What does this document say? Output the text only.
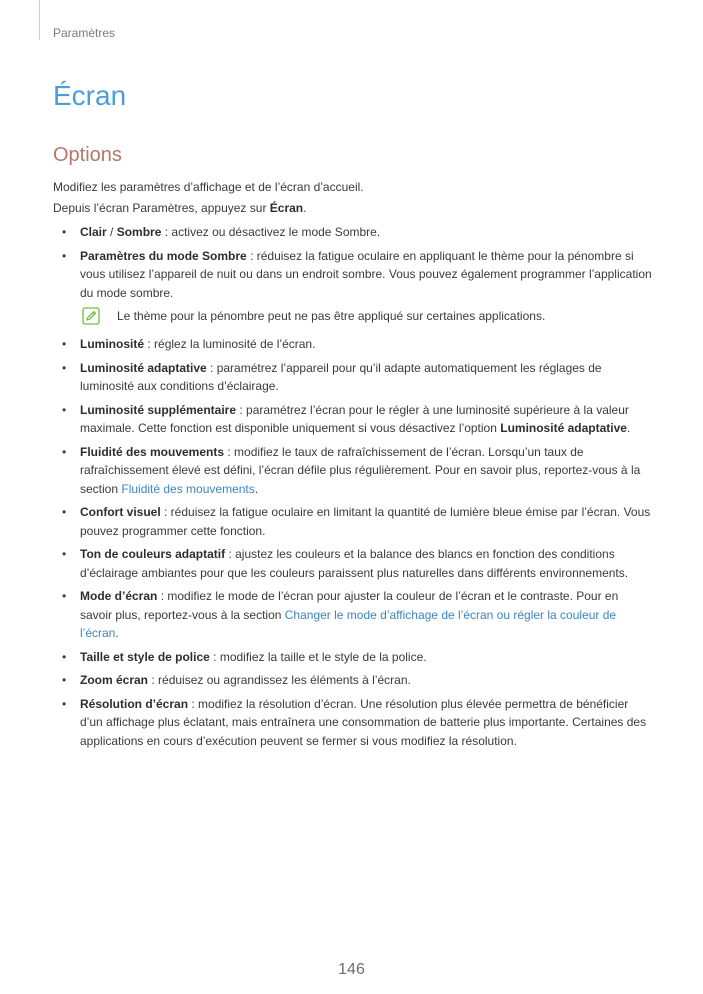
Paramètres
Écran
Options

Modifiez les paramètres d’affichage et de l’écran d’accueil.

Depuis l’écran Paramètres, appuyez sur Écran.

• Clair / Sombre : activez ou désactivez le mode Sombre.
• Paramètres du mode Sombre : réduisez la fatigue oculaire en appliquant le thème pour la pénombre si vous utilisez l’appareil de nuit ou dans un endroit sombre. Vous pouvez également programmer l’application du mode sombre.
Le thème pour la pénombre peut ne pas être appliqué sur certaines applications.
• Luminosité : réglez la luminosité de l’écran.
• Luminosité adaptative : paramétrez l’appareil pour qu’il adapte automatiquement les réglages de luminosité aux conditions d’éclairage.
• Luminosité supplémentaire : paramétrez l’écran pour le régler à une luminosité supérieure à la valeur maximale. Cette fonction est disponible uniquement si vous désactivez l’option Luminosité adaptative.
• Fluidité des mouvements : modifiez le taux de rafraîchissement de l’écran. Lorsqu’un taux de rafraîchissement élevé est défini, l’écran défile plus régulièrement. Pour en savoir plus, reportez-vous à la section Fluidité des mouvements.
• Confort visuel : réduisez la fatigue oculaire en limitant la quantité de lumière bleue émise par l’écran. Vous pouvez programmer cette fonction.
• Ton de couleurs adaptatif : ajustez les couleurs et la balance des blancs en fonction des conditions d’éclairage ambiantes pour que les couleurs paraissent plus naturelles dans différents environnements.
• Mode d’écran : modifiez le mode de l’écran pour ajuster la couleur de l’écran et le contraste. Pour en savoir plus, reportez-vous à la section Changer le mode d’affichage de l’écran ou régler la couleur de l’écran.
• Taille et style de police : modifiez la taille et le style de la police.
• Zoom écran : réduisez ou agrandissez les éléments à l’écran.
• Résolution d’écran : modifiez la résolution d’écran. Une résolution plus élevée permettra de bénéficier d’un affichage plus éclatant, mais entraînera une consommation de batterie plus importante. Certaines des applications en cours d’exécution peuvent se fermer si vous modifiez la résolution.
146
